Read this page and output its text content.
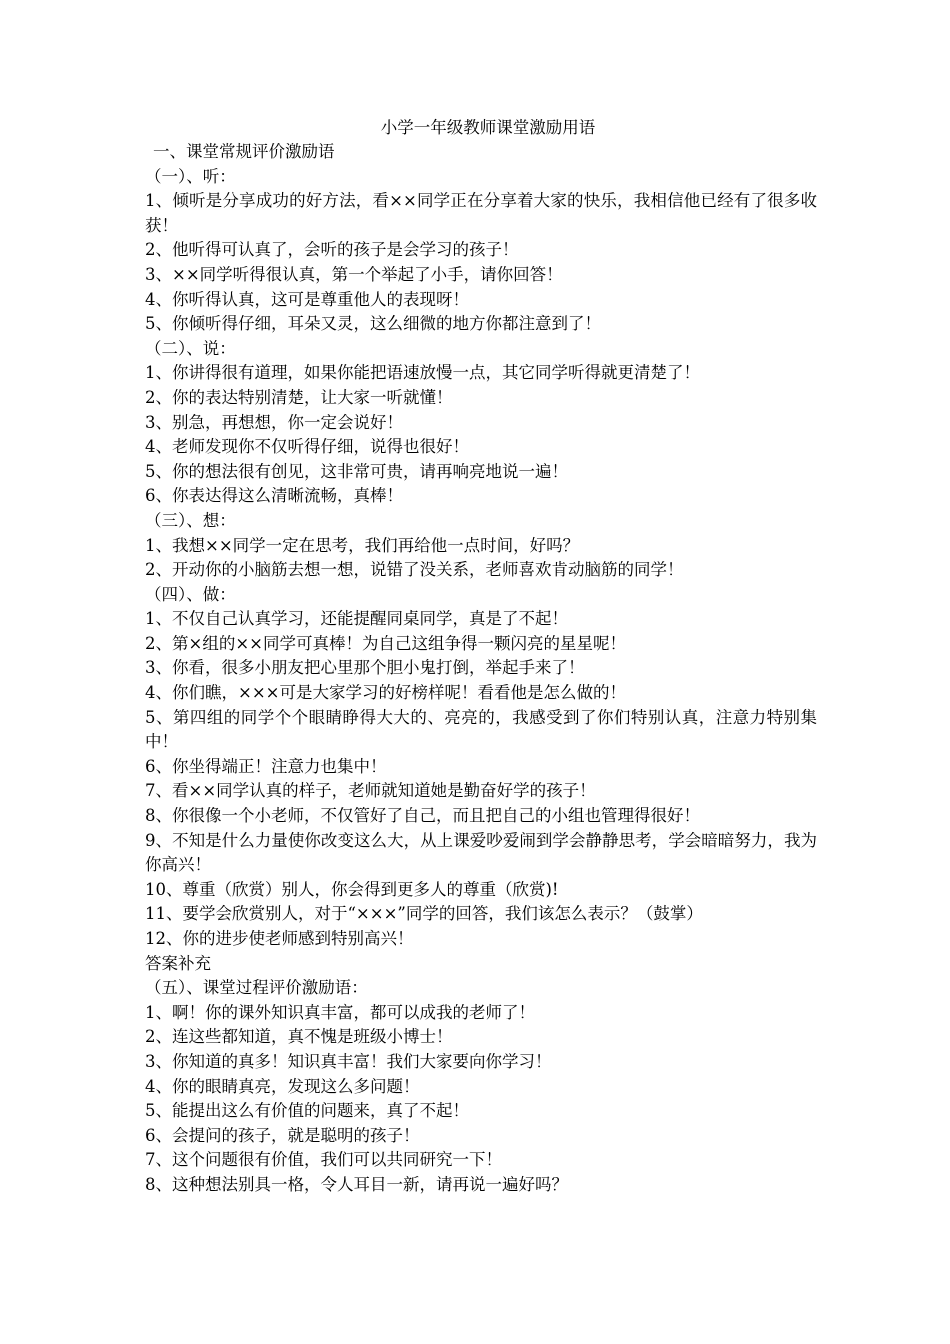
小学一年级教师课堂激励用语
一、课堂常规评价激励语
（一）、听：
1、倾听是分享成功的好方法，看××同学正在分享着大家的快乐，我相信他已经有了很多收获！
2、他听得可认真了，会听的孩子是会学习的孩子！
3、××同学听得很认真，第一个举起了小手，请你回答！
4、你听得认真，这可是尊重他人的表现呀！
5、你倾听得仔细，耳朵又灵，这么细微的地方你都注意到了！
（二）、说：
1、你讲得很有道理，如果你能把语速放慢一点，其它同学听得就更清楚了！
2、你的表达特别清楚，让大家一听就懂！
3、别急，再想想，你一定会说好！
4、老师发现你不仅听得仔细，说得也很好！
5、你的想法很有创见，这非常可贵，请再响亮地说一遍！
6、你表达得这么清晰流畅，真棒！
（三）、想：
1、我想××同学一定在思考，我们再给他一点时间，好吗？
2、开动你的小脑筋去想一想，说错了没关系，老师喜欢肯动脑筋的同学！
（四）、做：
1、不仅自己认真学习，还能提醒同桌同学，真是了不起！
2、第×组的××同学可真棒！为自己这组争得一颗闪亮的星星呢！
3、你看，很多小朋友把心里那个胆小鬼打倒，举起手来了！
4、你们瞧，×××可是大家学习的好榜样呢！看看他是怎么做的！
5、第四组的同学个个眼睛睁得大大的、亮亮的，我感受到了你们特别认真，注意力特别集中！
6、你坐得端正！注意力也集中！
7、看××同学认真的样子，老师就知道她是勤奋好学的孩子！
8、你很像一个小老师，不仅管好了自己，而且把自己的小组也管理得很好！
9、不知是什么力量使你改变这么大，从上课爱吵爱闹到学会静静思考，学会暗暗努力，我为你高兴！
10、尊重（欣赏）别人，你会得到更多人的尊重（欣赏)!
11、要学会欣赏别人，对于“×××”同学的回答，我们该怎么表示？（鼓掌）
12、你的进步使老师感到特别高兴！
答案补充
（五）、课堂过程评价激励语：
1、啊！你的课外知识真丰富，都可以成我的老师了！
2、连这些都知道，真不愧是班级小博士！
3、你知道的真多！知识真丰富！我们大家要向你学习！
4、你的眼睛真亮，发现这么多问题！
5、能提出这么有价值的问题来，真了不起！
6、会提问的孩子，就是聪明的孩子！
7、这个问题很有价值，我们可以共同研究一下！
8、这种想法别具一格，令人耳目一新，请再说一遍好吗？
